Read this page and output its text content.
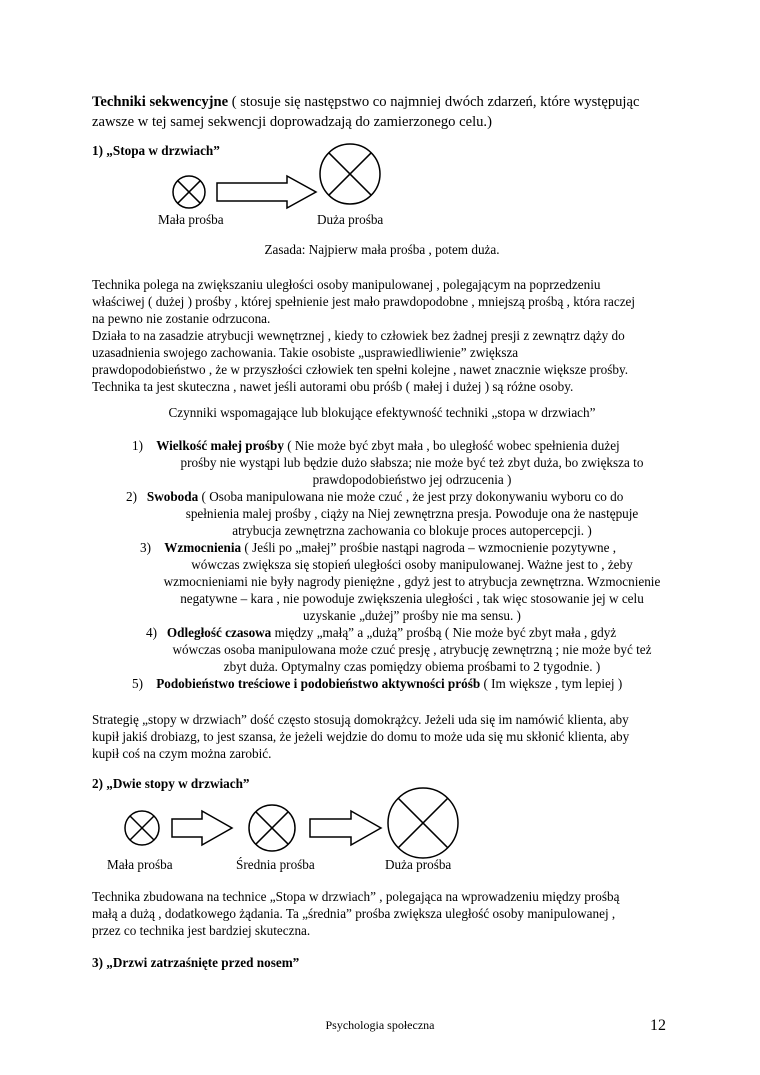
Techniki sekwencyjne ( stosuje się następstwo co najmniej dwóch zdarzeń, które występując
zawsze w tej samej sekwencji doprowadzają do zamierzonego celu.)
1) „Stopa w drzwiach”
Mała prośba	Duża prośba
Zasada: Najpierw mała prośba , potem duża.
Technika polega na zwiększaniu uległości osoby manipulowanej , polegającym na poprzedzeniu
właściwej ( dużej ) prośby , której spełnienie jest mało prawdopodobne , mniejszą prośbą , która raczej
na pewno nie zostanie odrzucona.
Działa to na zasadzie atrybucji wewnętrznej , kiedy to człowiek bez żadnej presji z zewnątrz dąży do
uzasadnienia swojego zachowania. Takie osobiste „usprawiedliwienie” zwiększa
prawdopodobieństwo , że w przyszłości człowiek ten spełni kolejne , nawet znacznie większe prośby.
Technika ta jest skuteczna , nawet jeśli autorami obu próśb ( małej i dużej ) są różne osoby.
Czynniki wspomagające lub blokujące efektywność techniki „stopa w drzwiach”
1) Wielkość małej prośby ( Nie może być zbyt mała , bo uległość wobec spełnienia dużej
prośby nie wystąpi lub będzie dużo słabsza; nie może być też zbyt duża, bo zwiększa to
prawdopodobieństwo jej odrzucenia )
2) Swoboda ( Osoba manipulowana nie może czuć , że jest przy dokonywaniu wyboru co do
spełnienia malej prośby , ciąży na Niej zewnętrzna presja. Powoduje ona że następuje
atrybucja zewnętrzna zachowania co blokuje proces autopercepcji. )
3) Wzmocnienia ( Jeśli po „małej” prośbie nastąpi nagroda – wzmocnienie pozytywne ,
wówczas zwiększa się stopień uległości osoby manipulowanej. Ważne jest to , żeby
wzmocnieniami nie były nagrody pieniężne , gdyż jest to atrybucja zewnętrzna. Wzmocnienie
negatywne – kara , nie powoduje zwiększenia uległości , tak więc stosowanie jej w celu
uzyskanie „dużej” prośby nie ma sensu. )
4) Odległość czasowa między „małą” a „dużą” prośbą ( Nie może być zbyt mała , gdyż
wówczas osoba manipulowana może czuć presję , atrybucję zewnętrzną ; nie może być też
zbyt duża. Optymalny czas pomiędzy obiema prośbami to 2 tygodnie. )
5) Podobieństwo treściowe i podobieństwo aktywności próśb ( Im większe , tym lepiej )
Strategię „stopy w drzwiach” dość często stosują domokrążcy. Jeżeli uda się im namówić klienta, aby
kupił jakiś drobiazg, to jest szansa, że jeżeli wejdzie do domu to może uda się mu skłonić klienta, aby
kupił coś na czym można zarobić.
2) „Dwie stopy w drzwiach”
Mała prośba	Średnia prośba	Duża prośba
Technika zbudowana na technice „Stopa w drzwiach” , polegająca na wprowadzeniu między prośbą
małą a dużą , dodatkowego żądania. Ta „średnia” prośba zwiększa uległość osoby manipulowanej ,
przez co technika jest bardziej skuteczna.
3) „Drzwi zatrzaśnięte przed nosem”
Psychologia społeczna	12
